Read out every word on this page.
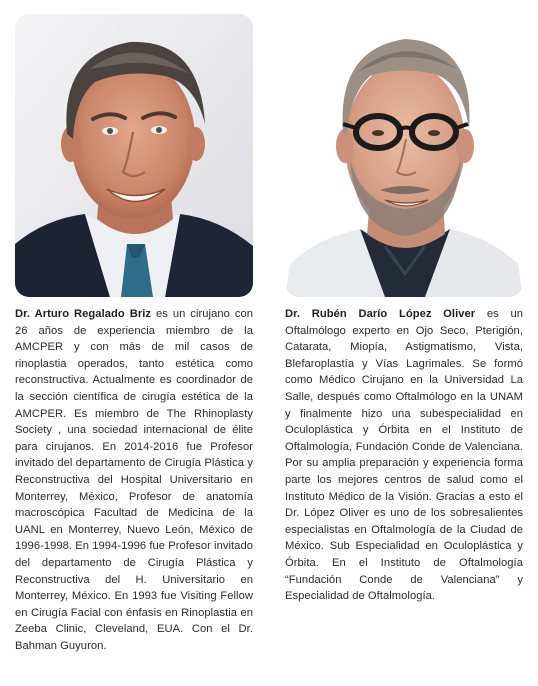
Dr. Arturo Regalado Briz es un cirujano con 26 años de experiencia miembro de la AMCPER y con más de mil casos de rinoplastia operados, tanto estética como reconstructiva. Actualmente es coordinador de la sección científica de cirugía estética de la AMCPER. Es miembro de The Rhinoplasty Society , una sociedad internacional de élite para cirujanos. En 2014-2016 fue Profesor invitado del departamento de Cirugía Plástica y Reconstructiva del Hospital Universitario en Monterrey, México, Profesor de anatomía macroscópica Facultad de Medicina de la UANL en Monterrey, Nuevo León, México de 1996-1998. En 1994-1996 fue Profesor invitado del departamento de Cirugía Plástica y Reconstructiva del H. Universitario en Monterrey, México. En 1993 fue Visiting Fellow en Cirugía Facial con énfasis en Rinoplastia en Zeeba Clinic, Cleveland, EUA. Con el Dr. Bahman Guyuron.

Dr. Rubén Darío López Oliver es un Oftalmólogo experto en Ojo Seco, Pterigión, Catarata, Miopía, Astigmatismo, Vista, Blefaroplastía y Vías Lagrimales. Se formó como Médico Cirujano en la Universidad La Salle, después como Oftalmólogo en la UNAM y finalmente hizo una subespecialidad en Oculoplástica y Órbita en el Instituto de Oftalmología, Fundación Conde de Valenciana. Por su amplia preparación y experiencia forma parte los mejores centros de salud como el Instituto Médico de la Visión. Gracias a esto el Dr. López Oliver es uno de los sobresalientes especialistas en Oftalmología de la Ciudad de México. Sub Especialidad en Oculoplástica y Órbita. En el Instituto de Oftalmología “Fundación Conde de Valenciana” y Especialidad de Oftalmología.
